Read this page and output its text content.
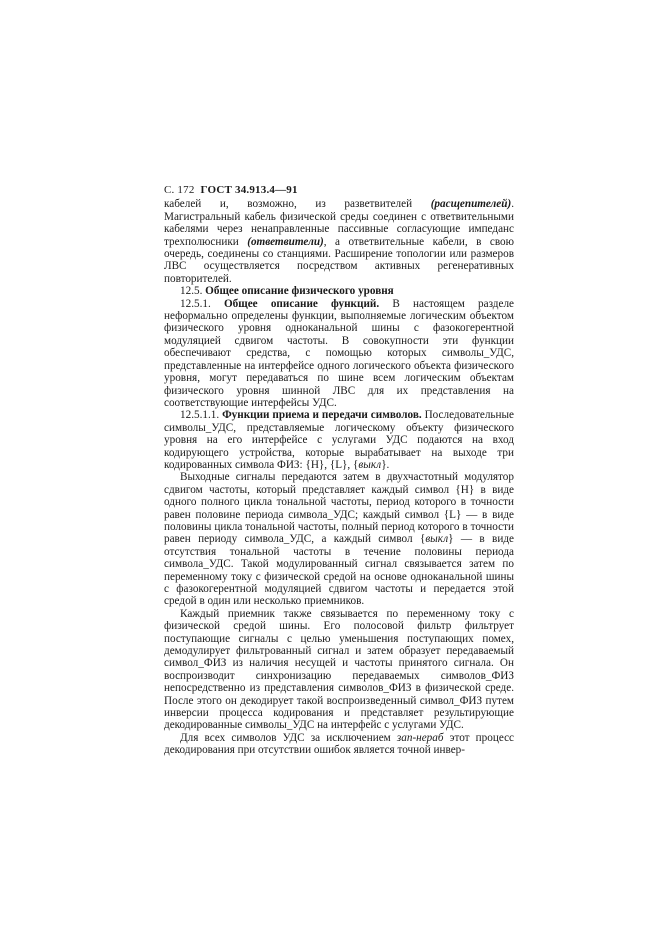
С. 172 ГОСТ 34.913.4—91

кабелей и, возможно, из разветвителей (расщепителей). Магистральный кабель физической среды соединен с ответвительными кабелями через ненаправленные пассивные согласующие импеданс трехполюсники (ответвители), а ответвительные кабели, в свою очередь, соединены со станциями. Расширение топологии или размеров ЛВС осуществляется посредством активных регенеративных повторителей.

12.5. Общее описание физического уровня

12.5.1. Общее описание функций. В настоящем разделе неформально определены функции, выполняемые логическим объектом физического уровня одноканальной шины с фазокогерентной модуляцией сдвигом частоты. В совокупности эти функции обеспечивают средства, с помощью которых символы_УДС, представленные на интерфейсе одного логического объекта физического уровня, могут передаваться по шине всем логическим объектам физического уровня шинной ЛВС для их представления на соответствующие интерфейсы УДС.

12.5.1.1. Функции приема и передачи символов. Последовательные символы_УДС, представляемые логическому объекту физического уровня на его интерфейсе с услугами УДС подаются на вход кодирующего устройства, которые вырабатывает на выходе три кодированных символа ФИЗ: {H}, {L}, {выкл}.

Выходные сигналы передаются затем в двухчастотный модулятор сдвигом частоты, который представляет каждый символ {H} в виде одного полного цикла тональной частоты, период которого в точности равен половине периода символа_УДС; каждый символ {L} — в виде половины цикла тональной частоты, полный период которого в точности равен периоду символа_УДС, а каждый символ {выкл} — в виде отсутствия тональной частоты в течение половины периода символа_УДС. Такой модулированный сигнал связывается затем по переменному току с физической средой на основе одноканальной шины с фазокогерентной модуляцией сдвигом частоты и передается этой средой в один или несколько приемников.

Каждый приемник также связывается по переменному току с физической средой шины. Его полосовой фильтр фильтрует поступающие сигналы с целью уменьшения поступающих помех, демодулирует фильтрованный сигнал и затем образует передаваемый символ_ФИЗ из наличия несущей и частоты принятого сигнала. Он воспроизводит синхронизацию передаваемых символов_ФИЗ непосредственно из представления символов_ФИЗ в физической среде. После этого он декодирует такой воспроизведенный символ_ФИЗ путем инверсии процесса кодирования и представляет результирующие декодированные символы_УДС на интерфейс с услугами УДС.

Для всех символов УДС за исключением зап-нераб этот процесс декодирования при отсутствии ошибок является точной инвер-
